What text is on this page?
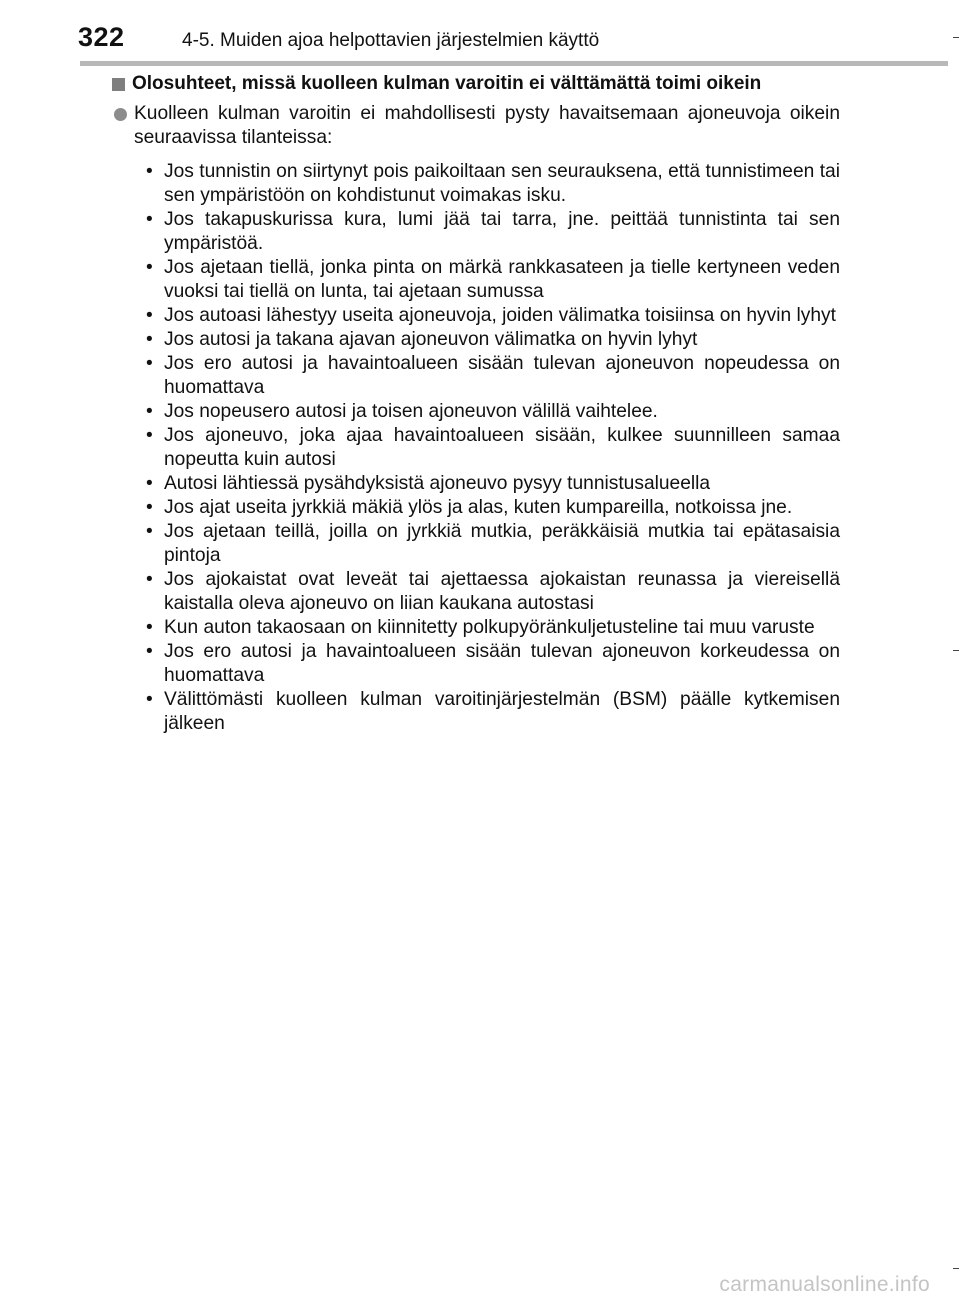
322	4-5. Muiden ajoa helpottavien järjestelmien käyttö
Olosuhteet, missä kuolleen kulman varoitin ei välttämättä toimi oikein
Kuolleen kulman varoitin ei mahdollisesti pysty havaitsemaan ajoneuvoja oikein seuraavissa tilanteissa:
• Jos tunnistin on siirtynyt pois paikoiltaan sen seurauksena, että tunnistimeen tai sen ympäristöön on kohdistunut voimakas isku.
• Jos takapuskurissa kura, lumi jää tai tarra, jne. peittää tunnistinta tai sen ympäristöä.
• Jos ajetaan tiellä, jonka pinta on märkä rankkasateen ja tielle kertyneen veden vuoksi tai tiellä on lunta, tai ajetaan sumussa
• Jos autoasi lähestyy useita ajoneuvoja, joiden välimatka toisiinsa on hyvin lyhyt
• Jos autosi ja takana ajavan ajoneuvon välimatka on hyvin lyhyt
• Jos ero autosi ja havaintoalueen sisään tulevan ajoneuvon nopeudessa on huomattava
• Jos nopeusero autosi ja toisen ajoneuvon välillä vaihtelee.
• Jos ajoneuvo, joka ajaa havaintoalueen sisään, kulkee suunnilleen samaa nopeutta kuin autosi
• Autosi lähtiessä pysähdyksistä ajoneuvo pysyy tunnistusalueella
• Jos ajat useita jyrkkiä mäkiä ylös ja alas, kuten kumpareilla, notkoissa jne.
• Jos ajetaan teillä, joilla on jyrkkiä mutkia, peräkkäisiä mutkia tai epätasaisia pintoja
• Jos ajokaistat ovat leveät tai ajettaessa ajokaistan reunassa ja viereisellä kaistalla oleva ajoneuvo on liian kaukana autostasi
• Kun auton takaosaan on kiinnitetty polkupyöränkuljetusteline tai muu varuste
• Jos ero autosi ja havaintoalueen sisään tulevan ajoneuvon korkeudessa on huomattava
• Välittömästi kuolleen kulman varoitinjärjestelmän (BSM) päälle kytkemisen jälkeen
carmanualsonline.info
